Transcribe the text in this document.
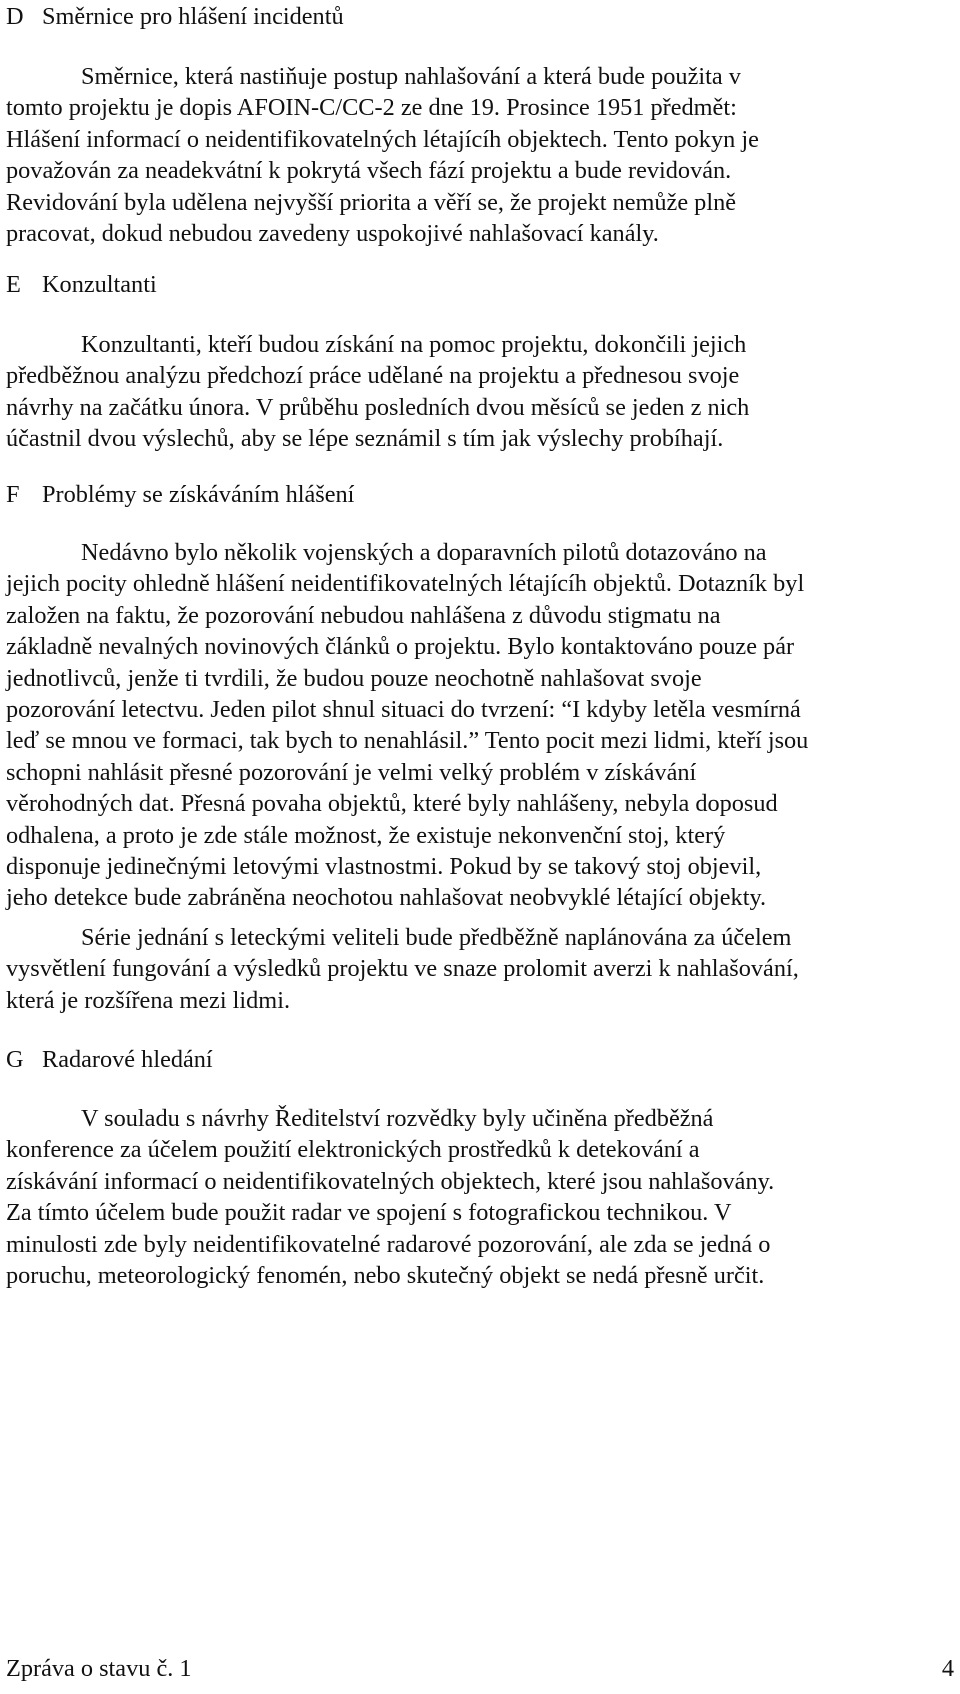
D Směrnice pro hlášení incidentů

Směrnice, která nastiňuje postup nahlašování a která bude použita v
tomto projektu je dopis AFOIN-C/CC-2 ze dne 19. Prosince 1951 předmět:
Hlášení informací o neidentifikovatelných létajícíh objektech. Tento pokyn je
považován za neadekvátní k pokrytá všech fází projektu a bude revidován.
Revidování byla udělena nejvyšší priorita a věří se, že projekt nemůže plně
pracovat, dokud nebudou zavedeny uspokojivé nahlašovací kanály.

E Konzultanti

Konzultanti, kteří budou získání na pomoc projektu, dokončili jejich
předběžnou analýzu předchozí práce udělané na projektu a přednesou svoje
návrhy na začátku února. V průběhu posledních dvou měsíců se jeden z nich
účastnil dvou výslechů, aby se lépe seznámil s tím jak výslechy probíhají.

F Problémy se získáváním hlášení

Nedávno bylo několik vojenských a doparavních pilotů dotazováno na
jejich pocity ohledně hlášení neidentifikovatelných létajícíh objektů. Dotazník byl
založen na faktu, že pozorování nebudou nahlášena z důvodu stigmatu na
základně nevalných novinových článků o projektu. Bylo kontaktováno pouze pár
jednotlivců, jenže ti tvrdili, že budou pouze neochotně nahlašovat svoje
pozorování letectvu. Jeden pilot shnul situaci do tvrzení: “I kdyby letěla vesmírná
leď se mnou ve formaci, tak bych to nenahlásil.” Tento pocit mezi lidmi, kteří jsou
schopni nahlásit přesné pozorování je velmi velký problém v získávání
věrohodných dat. Přesná povaha objektů, které byly nahlášeny, nebyla doposud
odhalena, a proto je zde stále možnost, že existuje nekonvenční stoj, který
disponuje jedinečnými letovými vlastnostmi. Pokud by se takový stoj objevil,
jeho detekce bude zabráněna neochotou nahlašovat neobvyklé létající objekty.

Série jednání s leteckými veliteli bude předběžně naplánována za účelem
vysvětlení fungování a výsledků projektu ve snaze prolomit averzi k nahlašování,
která je rozšířena mezi lidmi.

G Radarové hledání

V souladu s návrhy Ředitelství rozvědky byly učiněna předběžná
konference za účelem použití elektronických prostředků k detekování a
získávání informací o neidentifikovatelných objektech, které jsou nahlašovány.
Za tímto účelem bude použit radar ve spojení s fotografickou technikou. V
minulosti zde byly neidentifikovatelné radarové pozorování, ale zda se jedná o
poruchu, meteorologický fenomén, nebo skutečný objekt se nedá přesně určit.

Zpráva o stavu č. 1	4
